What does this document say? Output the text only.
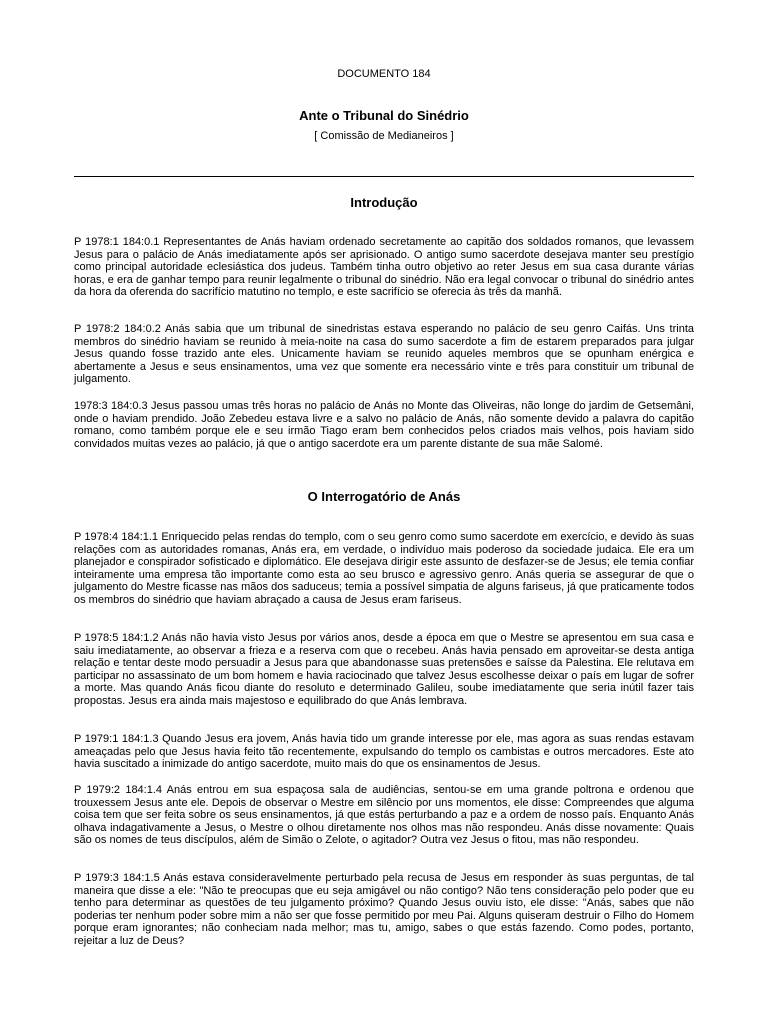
DOCUMENTO 184
Ante o Tribunal do Sinédrio
[ Comissão de Medianeiros ]
Introdução

P 1978:1 184:0.1 Representantes de Anás haviam ordenado secretamente ao capitão dos soldados romanos, que levassem Jesus para o palácio de Anás imediatamente após ser aprisionado. O antigo sumo sacerdote desejava manter seu prestígio como principal autoridade eclesiástica dos judeus. Também tinha outro objetivo ao reter Jesus em sua casa durante várias horas, e era de ganhar tempo para reunir legalmente o tribunal do sinédrio. Não era legal convocar o tribunal do sinédrio antes da hora da oferenda do sacrifício matutino no templo, e este sacrifício se oferecia às três da manhã.

P 1978:2 184:0.2 Anás sabia que um tribunal de sinedristas estava esperando no palácio de seu genro Caifás. Uns trinta membros do sinédrio haviam se reunido à meia-noite na casa do sumo sacerdote a fim de estarem preparados para julgar Jesus quando fosse trazido ante eles. Unicamente haviam se reunido aqueles membros que se opunham enérgica e abertamente a Jesus e seus ensinamentos, uma vez que somente era necessário vinte e três para constituir um tribunal de julgamento.

1978:3 184:0.3 Jesus passou umas três horas no palácio de Anás no Monte das Oliveiras, não longe do jardim de Getsemâni, onde o haviam prendido. João Zebedeu estava livre e a salvo no palácio de Anás, não somente devido a palavra do capitão romano, como também porque ele e seu irmão Tiago eram bem conhecidos pelos criados mais velhos, pois haviam sido convidados muitas vezes ao palácio, já que o antigo sacerdote era um parente distante de sua mãe Salomé.

O Interrogatório de Anás

P 1978:4 184:1.1 Enriquecido pelas rendas do templo, com o seu genro como sumo sacerdote em exercício, e devido às suas relações com as autoridades romanas, Anás era, em verdade, o indivíduo mais poderoso da sociedade judaica. Ele era um planejador e conspirador sofisticado e diplomático. Ele desejava dirigir este assunto de desfazer-se de Jesus; ele temia confiar inteiramente uma empresa tão importante como esta ao seu brusco e agressivo genro. Anás queria se assegurar de que o julgamento do Mestre ficasse nas mãos dos saduceus; temia a possível simpatia de alguns fariseus, já que praticamente todos os membros do sinédrio que haviam abraçado a causa de Jesus eram fariseus.

P 1978:5 184:1.2 Anás não havia visto Jesus por vários anos, desde a época em que o Mestre se apresentou em sua casa e saiu imediatamente, ao observar a frieza e a reserva com que o recebeu. Anás havia pensado em aproveitar-se desta antiga relação e tentar deste modo persuadir a Jesus para que abandonasse suas pretensões e saísse da Palestina. Ele relutava em participar no assassinato de um bom homem e havia raciocinado que talvez Jesus escolhesse deixar o país em lugar de sofrer a morte. Mas quando Anás ficou diante do resoluto e determinado Galileu, soube imediatamente que seria inútil fazer tais propostas. Jesus era ainda mais majestoso e equilibrado do que Anás lembrava.

P 1979:1 184:1.3 Quando Jesus era jovem, Anás havia tido um grande interesse por ele, mas agora as suas rendas estavam ameaçadas pelo que Jesus havia feito tão recentemente, expulsando do templo os cambistas e outros mercadores. Este ato havia suscitado a inimizade do antigo sacerdote, muito mais do que os ensinamentos de Jesus.

P 1979:2 184:1.4 Anás entrou em sua espaçosa sala de audiências, sentou-se em uma grande poltrona e ordenou que trouxessem Jesus ante ele. Depois de observar o Mestre em silêncio por uns momentos, ele disse: Compreendes que alguma coisa tem que ser feita sobre os seus ensinamentos, já que estás perturbando a paz e a ordem de nosso país. Enquanto Anás olhava indagativamente a Jesus, o Mestre o olhou diretamente nos olhos mas não respondeu. Anás disse novamente: Quais são os nomes de teus discípulos, além de Simão o Zelote, o agitador? Outra vez Jesus o fitou, mas não respondeu.

P 1979:3 184:1.5 Anás estava consideravelmente perturbado pela recusa de Jesus em responder às suas perguntas, de tal maneira que disse a ele: "Não te preocupas que eu seja amigável ou não contigo? Não tens consideração pelo poder que eu tenho para determinar as questões de teu julgamento próximo? Quando Jesus ouviu isto, ele disse: "Anás, sabes que não poderias ter nenhum poder sobre mim a não ser que fosse permitido por meu Pai. Alguns quiseram destruir o Filho do Homem porque eram ignorantes; não conheciam nada melhor; mas tu, amigo, sabes o que estás fazendo. Como podes, portanto, rejeitar a luz de Deus?
